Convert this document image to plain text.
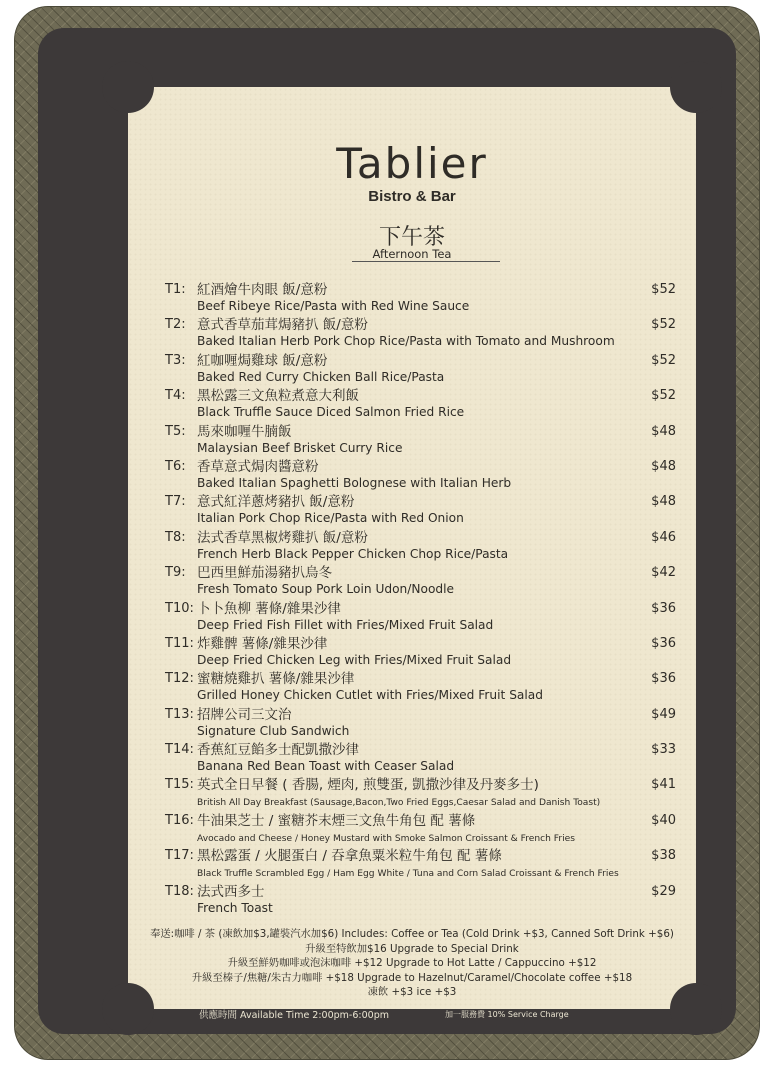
Tablier
Bistro & Bar
下午茶
Afternoon Tea
T1: 紅酒燴牛肉眼 飯/意粉
Beef Ribeye Rice/Pasta with Red Wine Sauce
$52
T2: 意式香草茄茸焗豬扒 飯/意粉
Baked Italian Herb Pork Chop Rice/Pasta with Tomato and Mushroom
$52
T3: 紅咖喱焗雞球 飯/意粉
Baked Red Curry Chicken Ball Rice/Pasta
$52
T4: 黑松露三文魚粒煮意大利飯
Black Truffle Sauce Diced Salmon Fried Rice
$52
T5: 馬來咖喱牛腩飯
Malaysian Beef Brisket Curry Rice
$48
T6: 香草意式焗肉醬意粉
Baked Italian Spaghetti Bolognese with Italian Herb
$48
T7: 意式紅洋蔥烤豬扒 飯/意粉
Italian Pork Chop Rice/Pasta with Red Onion
$48
T8: 法式香草黑椒烤雞扒 飯/意粉
French Herb Black Pepper Chicken Chop Rice/Pasta
$46
T9: 巴西里鮮茄湯豬扒烏冬
Fresh Tomato Soup Pork Loin Udon/Noodle
$42
T10: 卜卜魚柳 薯條/雜果沙律
Deep Fried Fish Fillet with Fries/Mixed Fruit Salad
$36
T11: 炸雞髀 薯條/雜果沙律
Deep Fried Chicken Leg with Fries/Mixed Fruit Salad
$36
T12: 蜜糖燒雞扒 薯條/雜果沙律
Grilled Honey Chicken Cutlet with Fries/Mixed Fruit Salad
$36
T13: 招牌公司三文治
Signature Club Sandwich
$49
T14: 香蕉紅豆餡多士配凱撒沙律
Banana Red Bean Toast with Ceaser Salad
$33
T15: 英式全日早餐 ( 香腸, 煙肉, 煎雙蛋, 凱撒沙律及丹麥多士)
British All Day Breakfast (Sausage,Bacon,Two Fried Eggs,Caesar Salad and Danish Toast)
$41
T16: 牛油果芝士 / 蜜糖芥末煙三文魚牛角包 配 薯條
Avocado and Cheese / Honey Mustard with Smoke Salmon Croissant & French Fries
$40
T17: 黑松露蛋 / 火腿蛋白 / 吞拿魚粟米粒牛角包 配 薯條
Black Truffle Scrambled Egg / Ham Egg White / Tuna and Corn Salad Croissant & French Fries
$38
T18: 法式西多士
French Toast
$29
奉送:咖啡 / 茶 (凍飲加$3,罐裝汽水加$6) Includes: Coffee or Tea (Cold Drink +$3, Canned Soft Drink +$6)
升級至特飲加$16 Upgrade to Special Drink
升級至鮮奶咖啡或泡沫咖啡 +$12 Upgrade to Hot Latte / Cappuccino +$12
升級至榛子/焦糖/朱古力咖啡 +$18 Upgrade to Hazelnut/Caramel/Chocolate coffee +$18
凍飲 +$3 ice +$3
供應時間 Available Time 2:00pm-6:00pm	加一服務費 10% Service Charge
